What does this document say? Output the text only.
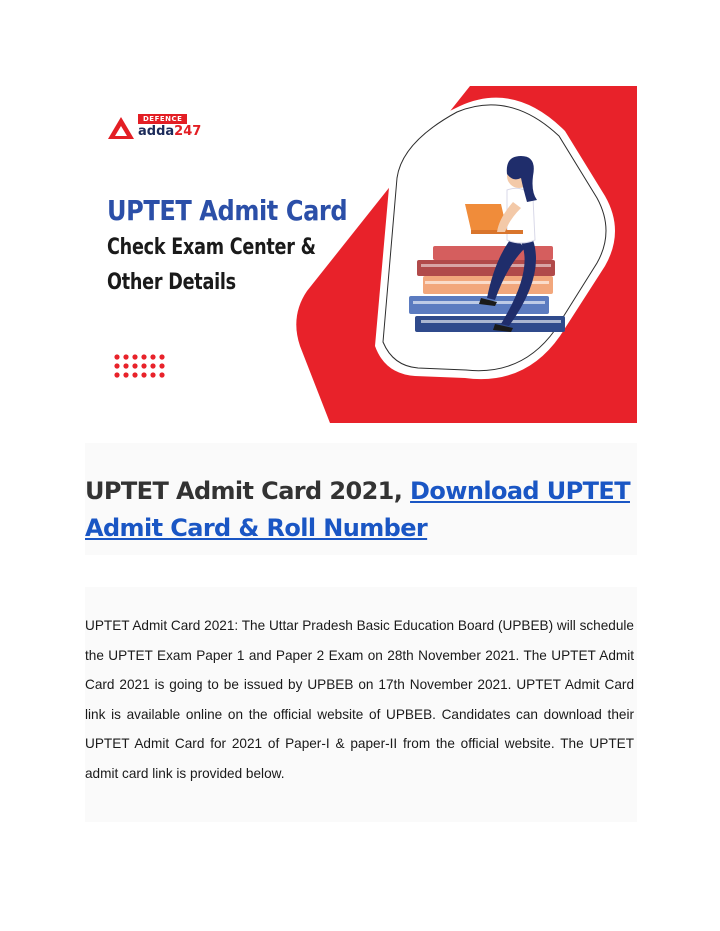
DEFENCE
adda247
UPTET Admit Card
Check Exam Center &
Other Details
UPTET Admit Card 2021, Download UPTET Admit Card & Roll Number

UPTET Admit Card 2021: The Uttar Pradesh Basic Education Board (UPBEB) will schedule the UPTET Exam Paper 1 and Paper 2 Exam on 28th November 2021. The UPTET Admit Card 2021 is going to be issued by UPBEB on 17th November 2021. UPTET Admit Card link is available online on the official website of UPBEB. Candidates can download their UPTET Admit Card for 2021 of Paper-I & paper-II from the official website. The UPTET admit card link is provided below.
